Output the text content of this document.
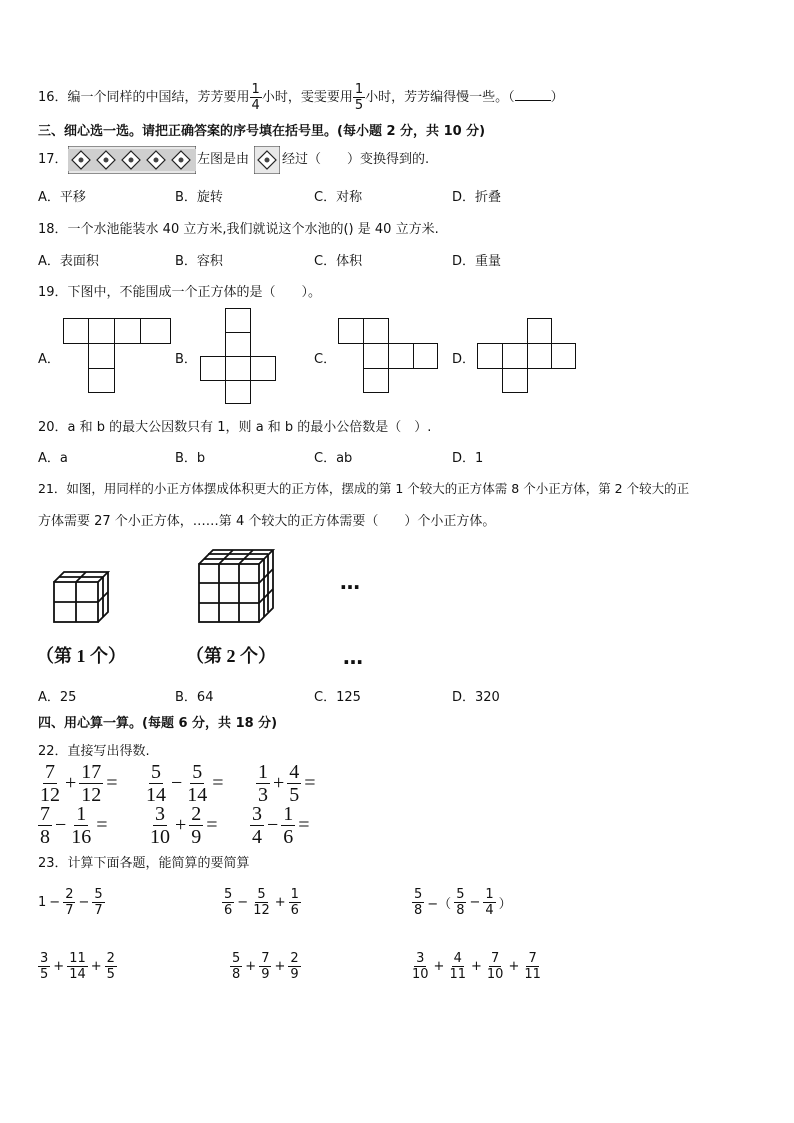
16．编一个同样的中国结，芳芳要用 $\frac{1}{4}$ 小时，雯雯要用 $\frac{1}{5}$ 小时，芳芳编得慢一些。（	）
三、细心选一选。请把正确答案的序号填在括号里。(每小题 2 分，共 10 分)
17．	左图是由	经过（　　）变换得到的.
A．平移	B．旋转	C．对称	D．折叠
18．一个水池能装水 40 立方米,我们就说这个水池的() 是 40 立方米.
A．表面积	B．容积	C．体积	D．重量
19．下图中，不能围成一个正方体的是（　　）。
A．	B．	C．	D．
20．a 和 b 的最大公因数只有 1，则 a 和 b 的最小公倍数是（　）.
A．a	B．b	C．ab	D．1
21．如图，用同样的小正方体摆成体积更大的正方体，摆成的第 1 个较大的正方体需 8 个小正方体，第 2 个较大的正
方体需要 27 个小正方体，……第 4 个较大的正方体需要（　　）个小正方体。
…
（第 1 个）	（第 2 个）	…
A．25	B．64	C．125	D．320
四、用心算一算。(每题 6 分，共 18 分)
22．直接写出得数.
$\frac{7}{12} + \frac{17}{12} = \frac{5}{14} - \frac{5}{14} = \frac{1}{3} + \frac{4}{5}$ =
$\frac{7}{8} - \frac{1}{16} = \frac{3}{10} + \frac{2}{9} = \frac{3}{4} - \frac{1}{6}$ =
23．计算下面各题，能简算的要简算
$1 - \frac{2}{7} - \frac{5}{7}$	$\frac{5}{6} - \frac{5}{12} + \frac{1}{6}$	$\frac{5}{8}$ −（ $\frac{5}{8} - \frac{1}{4}$ ）
$\frac{3}{5} + \frac{11}{14} + \frac{2}{5}$	$\frac{5}{8} + \frac{7}{9} + \frac{2}{9}$	$\frac{3}{10} + \frac{4}{11} + \frac{7}{10} + \frac{7}{11}$
